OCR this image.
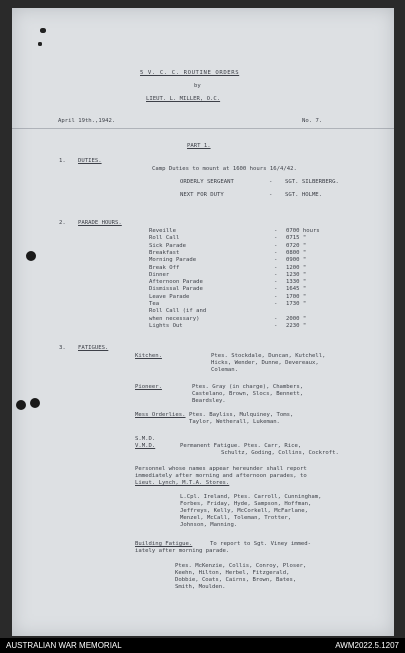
5 V. C. C. ROUTINE ORDERS
by
LIEUT. L. MILLER, O.C.
April 19th.,1942.	No. 7.
PART 1.
1. DUTIES.
Camp Duties to mount at 1600 hours 16/4/42.
ORDERLY SERGEANT	- SGT. SILBERBERG.
NEXT FOR DUTY	- SGT. HOLME.
2. PARADE HOURS.
Reveille	- 0700 hours
Roll Call	- 0715 "
Sick Parade	- 0720 "
Breakfast	- 0800 "
Morning Parade	- 0900 "
Break Off	- 1200 "
Dinner	- 1230 "
Afternoon Parade	- 1330 "
Dismissal Parade	- 1645 "
Leave Parade	- 1700 "
Tea	- 1730 "
Roll Call (if and
when necessary)	- 2000 "
Lights Out	- 2230 "
3. FATIGUES.
Kitchen.	Ptes. Stockdale, Duncan, Kutchell,
Hicks, Wender, Dunne, Devereaux,
Coleman.
Pioneer.	Ptes. Gray (in charge), Chambers,
Castelano, Brown, Slocs, Bennett,
Beardsley.
Mess Orderlies. Ptes. Bayliss, Mulquiney, Toms,
Taylor, Wetherall, Lukeman.
S.M.D.
V.M.D.	Permanent Fatigue. Ptes. Carr, Rice,
Schultz, Goding, Collins, Cockroft.
Personnel whose names appear hereunder shall report
immediately after morning and afternoon parades, to
Lieut. Lynch, M.T.A. Stores.
L.Cpl. Ireland, Ptes. Carroll, Cunningham,
Forbes, Friday, Hyde, Sampson, Hoffman,
Jeffreys, Kelly, McCorkell, McFarlane,
Menzel, McCall, Toleman, Trotter,
Johnson, Manning.
Building Fatigue.	To report to Sgt. Viney immed-
iately after morning parade.
Ptes. McKenzie, Collis, Conroy, Ploser,
Keehn, Hilton, Herbel, Fitzgerald,
Dobbie, Coats, Cairns, Brown, Bates,
Smith, Moulden.
AUSTRALIAN WAR MEMORIAL	AWM2022.5.1207
